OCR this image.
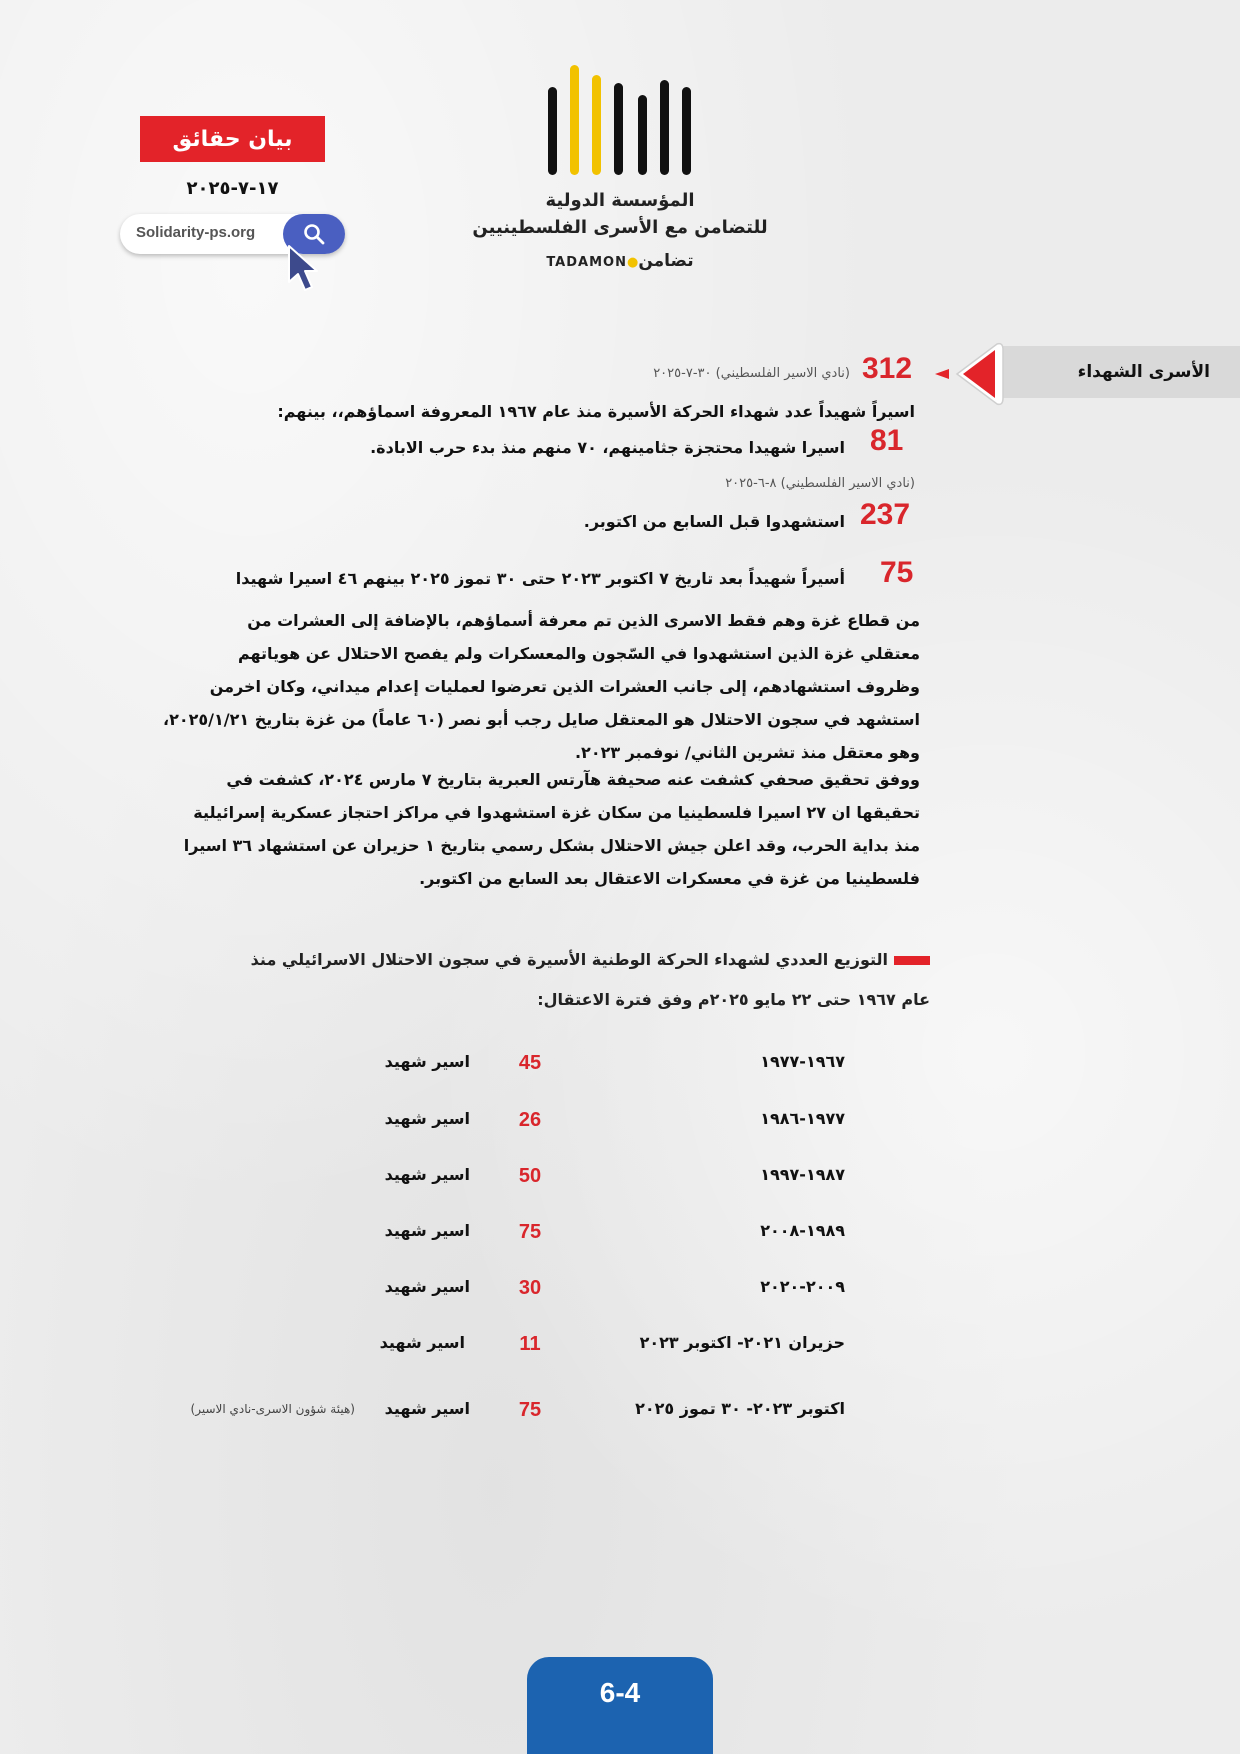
المؤسسة الدولية
للتضامن مع الأسرى الفلسطينيين
TADAMON●تضامن
بيان حقائق
١٧-٧-٢٠٢٥
Solidarity-ps.org
الأسرى الشهداء
312
(نادي الاسير الفلسطيني) ٣٠-٧-٢٠٢٥
اسيراً شهيداً عدد شهداء الحركة الأسيرة منذ عام ١٩٦٧ المعروفة اسماؤهم،، بينهم:
81
اسيرا شهيدا محتجزة جثامينهم، ٧٠ منهم منذ بدء حرب الابادة.
(نادي الاسير الفلسطيني) ٨-٦-٢٠٢٥
237
استشهدوا قبل السابع من اكتوبر.
75
أسيراً شهيداً بعد تاريخ ٧ اكتوبر ٢٠٢٣ حتى ٣٠ تموز ٢٠٢٥ بينهم ٤٦ اسيرا شهيدا

من قطاع غزة وهم فقط الاسرى الذين تم معرفة أسماؤهم، بالإضافة إلى العشرات من

معتقلي غزة الذين استشهدوا في السّجون والمعسكرات ولم يفصح الاحتلال عن هوياتهم

وظروف استشهادهم، إلى جانب العشرات الذين تعرضوا لعمليات إعدام ميداني، وكان اخرمن

استشهد في سجون الاحتلال هو المعتقل صايل رجب أبو نصر (٦٠ عاماً) من غزة بتاريخ ٢٠٢٥/١/٢١،

وهو معتقل منذ تشرين الثاني/ نوفمبر ٢٠٢٣.

ووفق تحقيق صحفي كشفت عنه صحيفة هآرتس العبرية بتاريخ ٧ مارس ٢٠٢٤، كشفت في

تحقيقها ان ٢٧ اسيرا فلسطينيا من سكان غزة استشهدوا في مراكز احتجاز عسكرية إسرائيلية

منذ بداية الحرب، وقد اعلن جيش الاحتلال بشكل رسمي بتاريخ ١ حزيران عن استشهاد ٣٦ اسيرا

فلسطينيا من غزة في معسكرات الاعتقال بعد السابع من اكتوبر.

التوزيع العددي لشهداء الحركة الوطنية الأسيرة في سجون الاحتلال الاسرائيلي منذ
عام ١٩٦٧ حتى ٢٢ مايو ٢٠٢٥م وفق فترة الاعتقال:
١٩٦٧-١٩٧٧
45
اسير شهيد
١٩٧٧-١٩٨٦
26
اسير شهيد
١٩٨٧-١٩٩٧
50
اسير شهيد
١٩٨٩-٢٠٠٨
75
اسير شهيد
٢٠٠٩-٢٠٢٠
30
اسير شهيد
حزيران ٢٠٢١- اكتوبر ٢٠٢٣
11
اسير شهيد
اكتوبر ٢٠٢٣- ٣٠ تموز ٢٠٢٥
75
اسير شهيد
(هيئة شؤون الاسرى-نادي الاسير)
6-4
